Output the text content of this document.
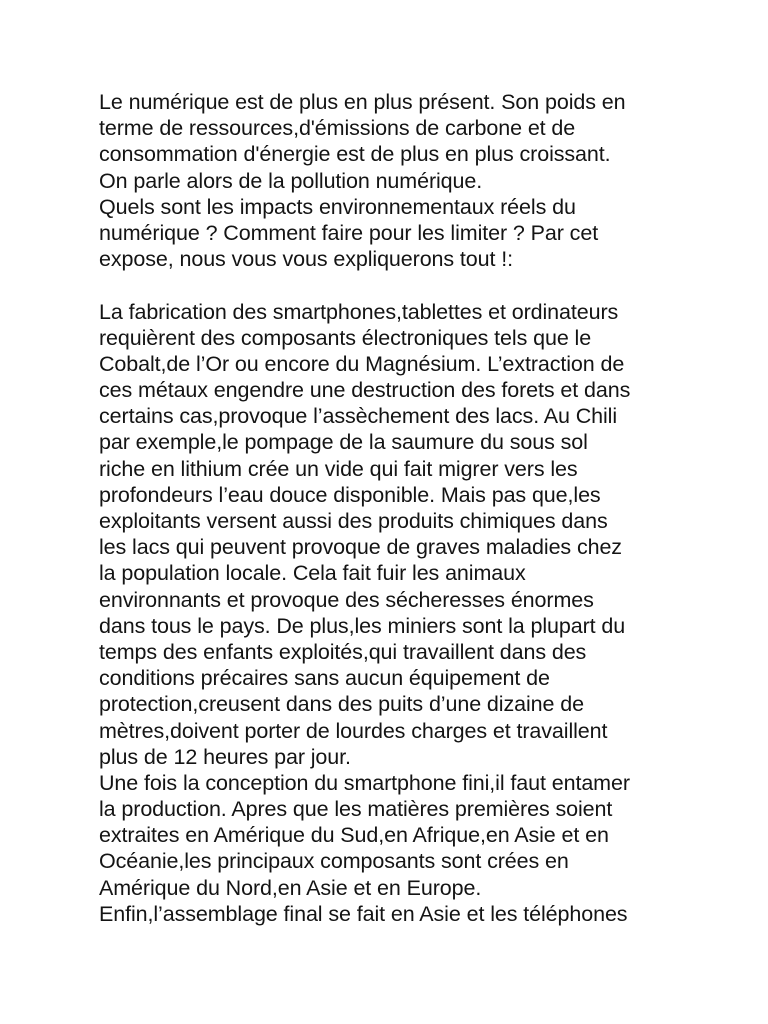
Le numérique est de plus en plus présent. Son poids en
terme de ressources,d'émissions de carbone et de
consommation d'énergie est de plus en plus croissant.
On parle alors de la pollution numérique.
Quels sont les impacts environnementaux réels du
numérique ? Comment faire pour les limiter ? Par cet
expose, nous vous vous expliquerons tout !:
La fabrication des smartphones,tablettes et ordinateurs
requièrent des composants électroniques tels que le
Cobalt,de l’Or ou encore du Magnésium. L’extraction de
ces métaux engendre une destruction des forets et dans
certains cas,provoque l’assèchement des lacs. Au Chili
par exemple,le pompage de la saumure du sous sol
riche en lithium crée un vide qui fait migrer vers les
profondeurs l’eau douce disponible. Mais pas que,les
exploitants versent aussi des produits chimiques dans
les lacs qui peuvent provoque de graves maladies chez
la population locale. Cela fait fuir les animaux
environnants et provoque des sécheresses énormes
dans tous le pays. De plus,les miniers sont la plupart du
temps des enfants exploités,qui travaillent dans des
conditions précaires sans aucun équipement de
protection,creusent dans des puits d’une dizaine de
mètres,doivent porter de lourdes charges et travaillent
plus de 12 heures par jour.
Une fois la conception du smartphone fini,il faut entamer
la production. Apres que les matières premières soient
extraites en Amérique du Sud,en Afrique,en Asie et en
Océanie,les principaux composants sont crées en
Amérique du Nord,en Asie et en Europe.
Enfin,l’assemblage final se fait en Asie et les téléphones
